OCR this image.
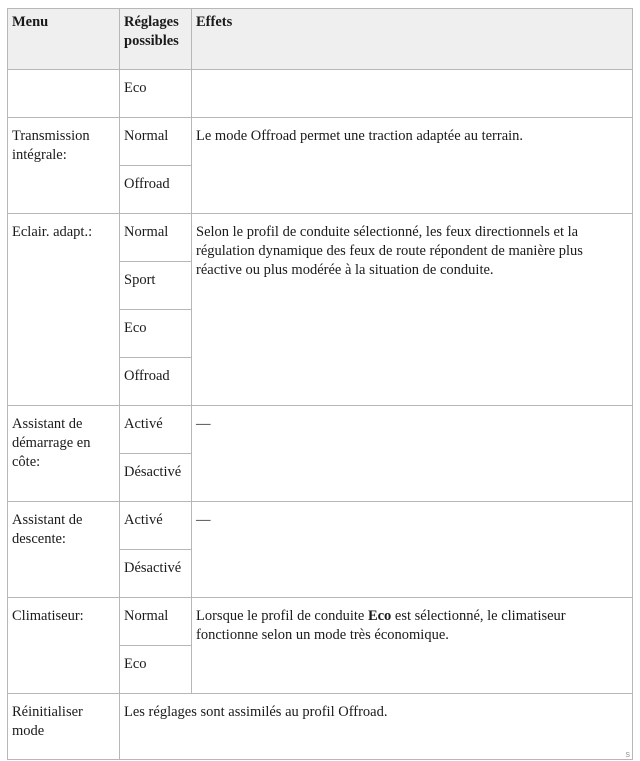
Menu	Réglages possibles	Effets
	Eco	
Transmission intégrale:	Normal	Le mode Offroad permet une traction adaptée au terrain.
	Offroad	
Eclair. adapt.:	Normal	Selon le profil de conduite sélectionné, les feux directionnels et la régulation dynamique des feux de route répondent de manière plus réactive ou plus modérée à la situation de conduite.
	Sport	
	Eco	
	Offroad	
Assistant de démarrage en côte:	Activé	—
	Désactivé	
Assistant de descente:	Activé	—
	Désactivé	
Climatiseur:	Normal	Lorsque le profil de conduite Eco est sélectionné, le climatiseur fonctionne selon un mode très économique.
	Eco	
Réinitialiser mode	Les réglages sont assimilés au profil Offroad.	
s
